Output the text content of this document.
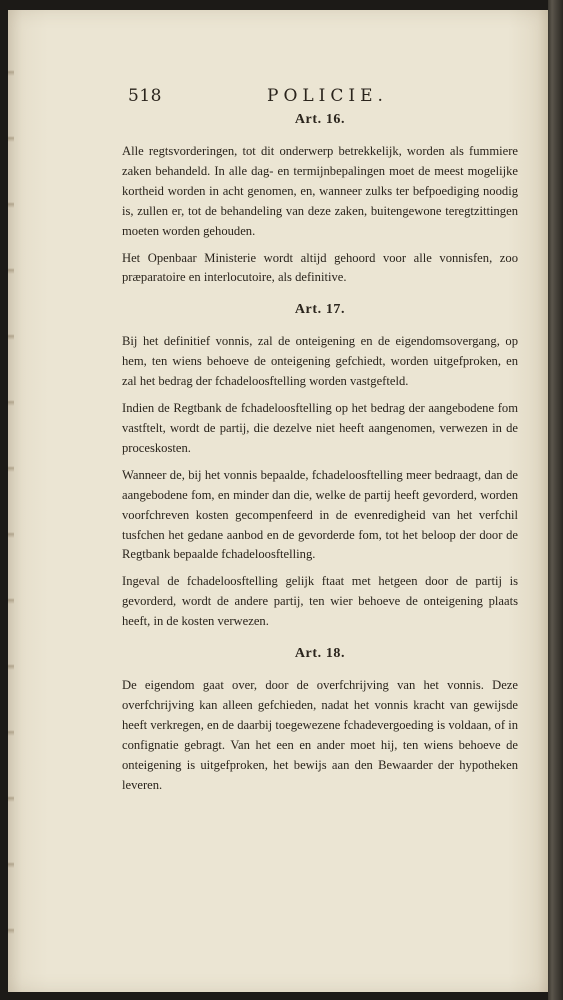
518	POLICIE.
Art. 16.

Alle regtsvorderingen, tot dit onderwerp betrekkelijk, worden als fummiere zaken behandeld. In alle dag- en termijnbepalingen moet de meest mogelijke kortheid worden in acht genomen, en, wanneer zulks ter befpoediging noodig is, zullen er, tot de behandeling van deze zaken, buitengewone teregtzittingen moeten worden gehouden.

Het Openbaar Ministerie wordt altijd gehoord voor alle vonnisfen, zoo præparatoire en interlocutoire, als definitive.

Art. 17.

Bij het definitief vonnis, zal de onteigening en de eigendomsovergang, op hem, ten wiens behoeve de onteigening gefchiedt, worden uitgefproken, en zal het bedrag der fchadeloosftelling worden vastgefteld.

Indien de Regtbank de fchadeloosftelling op het bedrag der aangebodene fom vastftelt, wordt de partij, die dezelve niet heeft aangenomen, verwezen in de proceskosten.

Wanneer de, bij het vonnis bepaalde, fchadeloosftelling meer bedraagt, dan de aangebodene fom, en minder dan die, welke de partij heeft gevorderd, worden voorfchreven kosten gecompenfeerd in de evenredigheid van het verfchil tusfchen het gedane aanbod en de gevorderde fom, tot het beloop der door de Regtbank bepaalde fchadeloosftelling.

Ingeval de fchadeloosftelling gelijk ftaat met hetgeen door de partij is gevorderd, wordt de andere partij, ten wier behoeve de onteigening plaats heeft, in de kosten verwezen.

Art. 18.

De eigendom gaat over, door de overfchrijving van het vonnis. Deze overfchrijving kan alleen gefchieden, nadat het vonnis kracht van gewijsde heeft verkregen, en de daarbij toegewezene fchadevergoeding is voldaan, of in confignatie gebragt. Van het een en ander moet hij, ten wiens behoeve de onteigening is uitgefproken, het bewijs aan den Bewaarder der hypotheken leveren.
